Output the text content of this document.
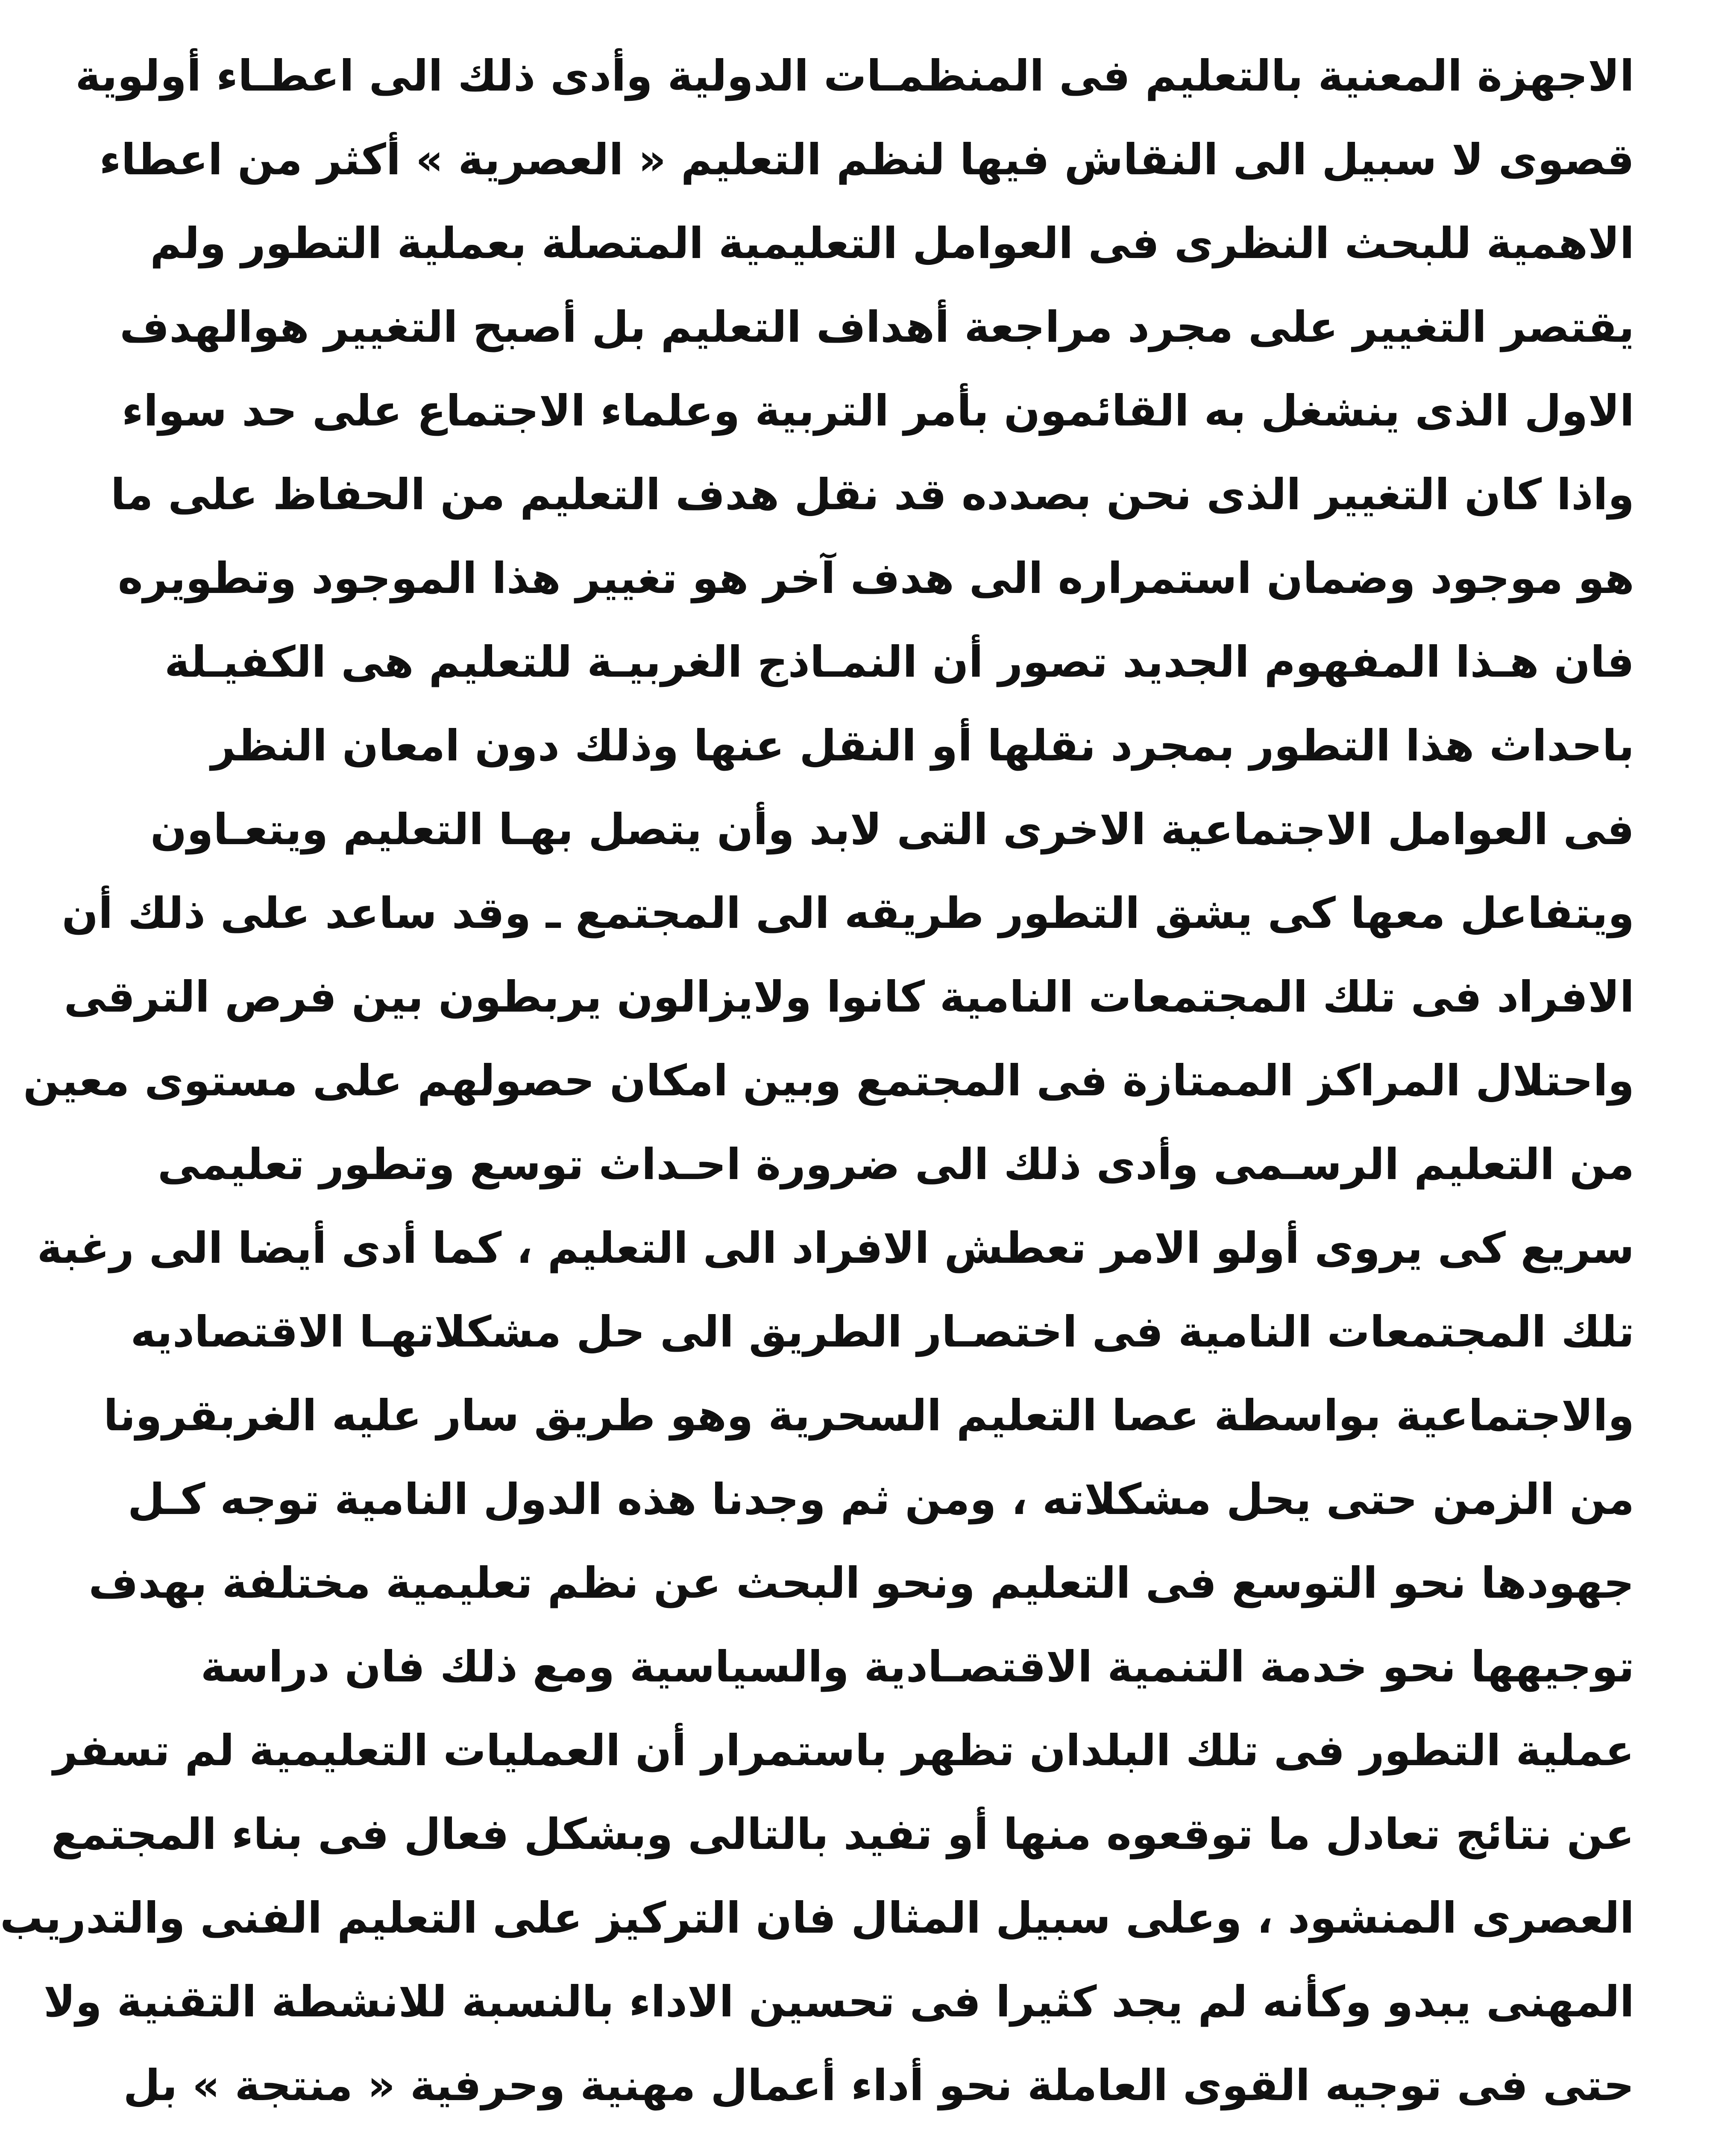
الاجهزة المعنية بالتعليم فى المنظمـات الدولية وأدى ذلك الى اعطـاء أولوية
قصوى لا سبيل الى النقاش فيها لنظم التعليم « العصرية » أكثر من اعطاء
الاهمية للبحث النظرى فى العوامل التعليمية المتصلة بعملية التطور ولم
يقتصر التغيير على مجرد مراجعة أهداف التعليم بل أصبح التغيير هوالهدف
الاول الذى ينشغل به القائمون بأمر التربية وعلماء الاجتماع على حد سواء
واذا كان التغيير الذى نحن بصدده قد نقل هدف التعليم من الحفاظ على ما
هو موجود وضمان استمراره الى هدف آخر هو تغيير هذا الموجود وتطويره
فان هـذا المفهوم الجديد تصور أن النمـاذج الغربيـة للتعليم هى الكفيـلة
باحداث هذا التطور بمجرد نقلها أو النقل عنها وذلك دون امعان النظر
فى العوامل الاجتماعية الاخرى التى لابد وأن يتصل بهـا التعليم ويتعـاون
ويتفاعل معها كى يشق التطور طريقه الى المجتمع ـ وقد ساعد على ذلك أن
الافراد فى تلك المجتمعات النامية كانوا ولايزالون يربطون بين فرص الترقى
واحتلال المراكز الممتازة فى المجتمع وبين امكان حصولهم على مستوى معين
من التعليم الرسـمى وأدى ذلك الى ضرورة احـداث توسع وتطور تعليمى
سريع كى يروى أولو الامر تعطش الافراد الى التعليم ، كما أدى أيضا الى رغبة
تلك المجتمعات النامية فى اختصـار الطريق الى حل مشكلاتهـا الاقتصاديه
والاجتماعية بواسطة عصا التعليم السحرية وهو طريق سار عليه الغربقرونا
من الزمن حتى يحل مشكلاته ، ومن ثم وجدنا هذه الدول النامية توجه كـل
جهودها نحو التوسع فى التعليم ونحو البحث عن نظم تعليمية مختلفة بهدف
توجيهها نحو خدمة التنمية الاقتصـادية والسياسية ومع ذلك فان دراسة
عملية التطور فى تلك البلدان تظهر باستمرار أن العمليات التعليمية لم تسفر
عن نتائج تعادل ما توقعوه منها أو تفيد بالتالى وبشكل فعال فى بناء المجتمع
العصرى المنشود ، وعلى سبيل المثال فان التركيز على التعليم الفنى والتدريب
المهنى يبدو وكأنه لم يجد كثيرا فى تحسين الاداء بالنسبة للانشطة التقنية ولا
حتى فى توجيه القوى العاملة نحو أداء أعمال مهنية وحرفية « منتجة » بل
